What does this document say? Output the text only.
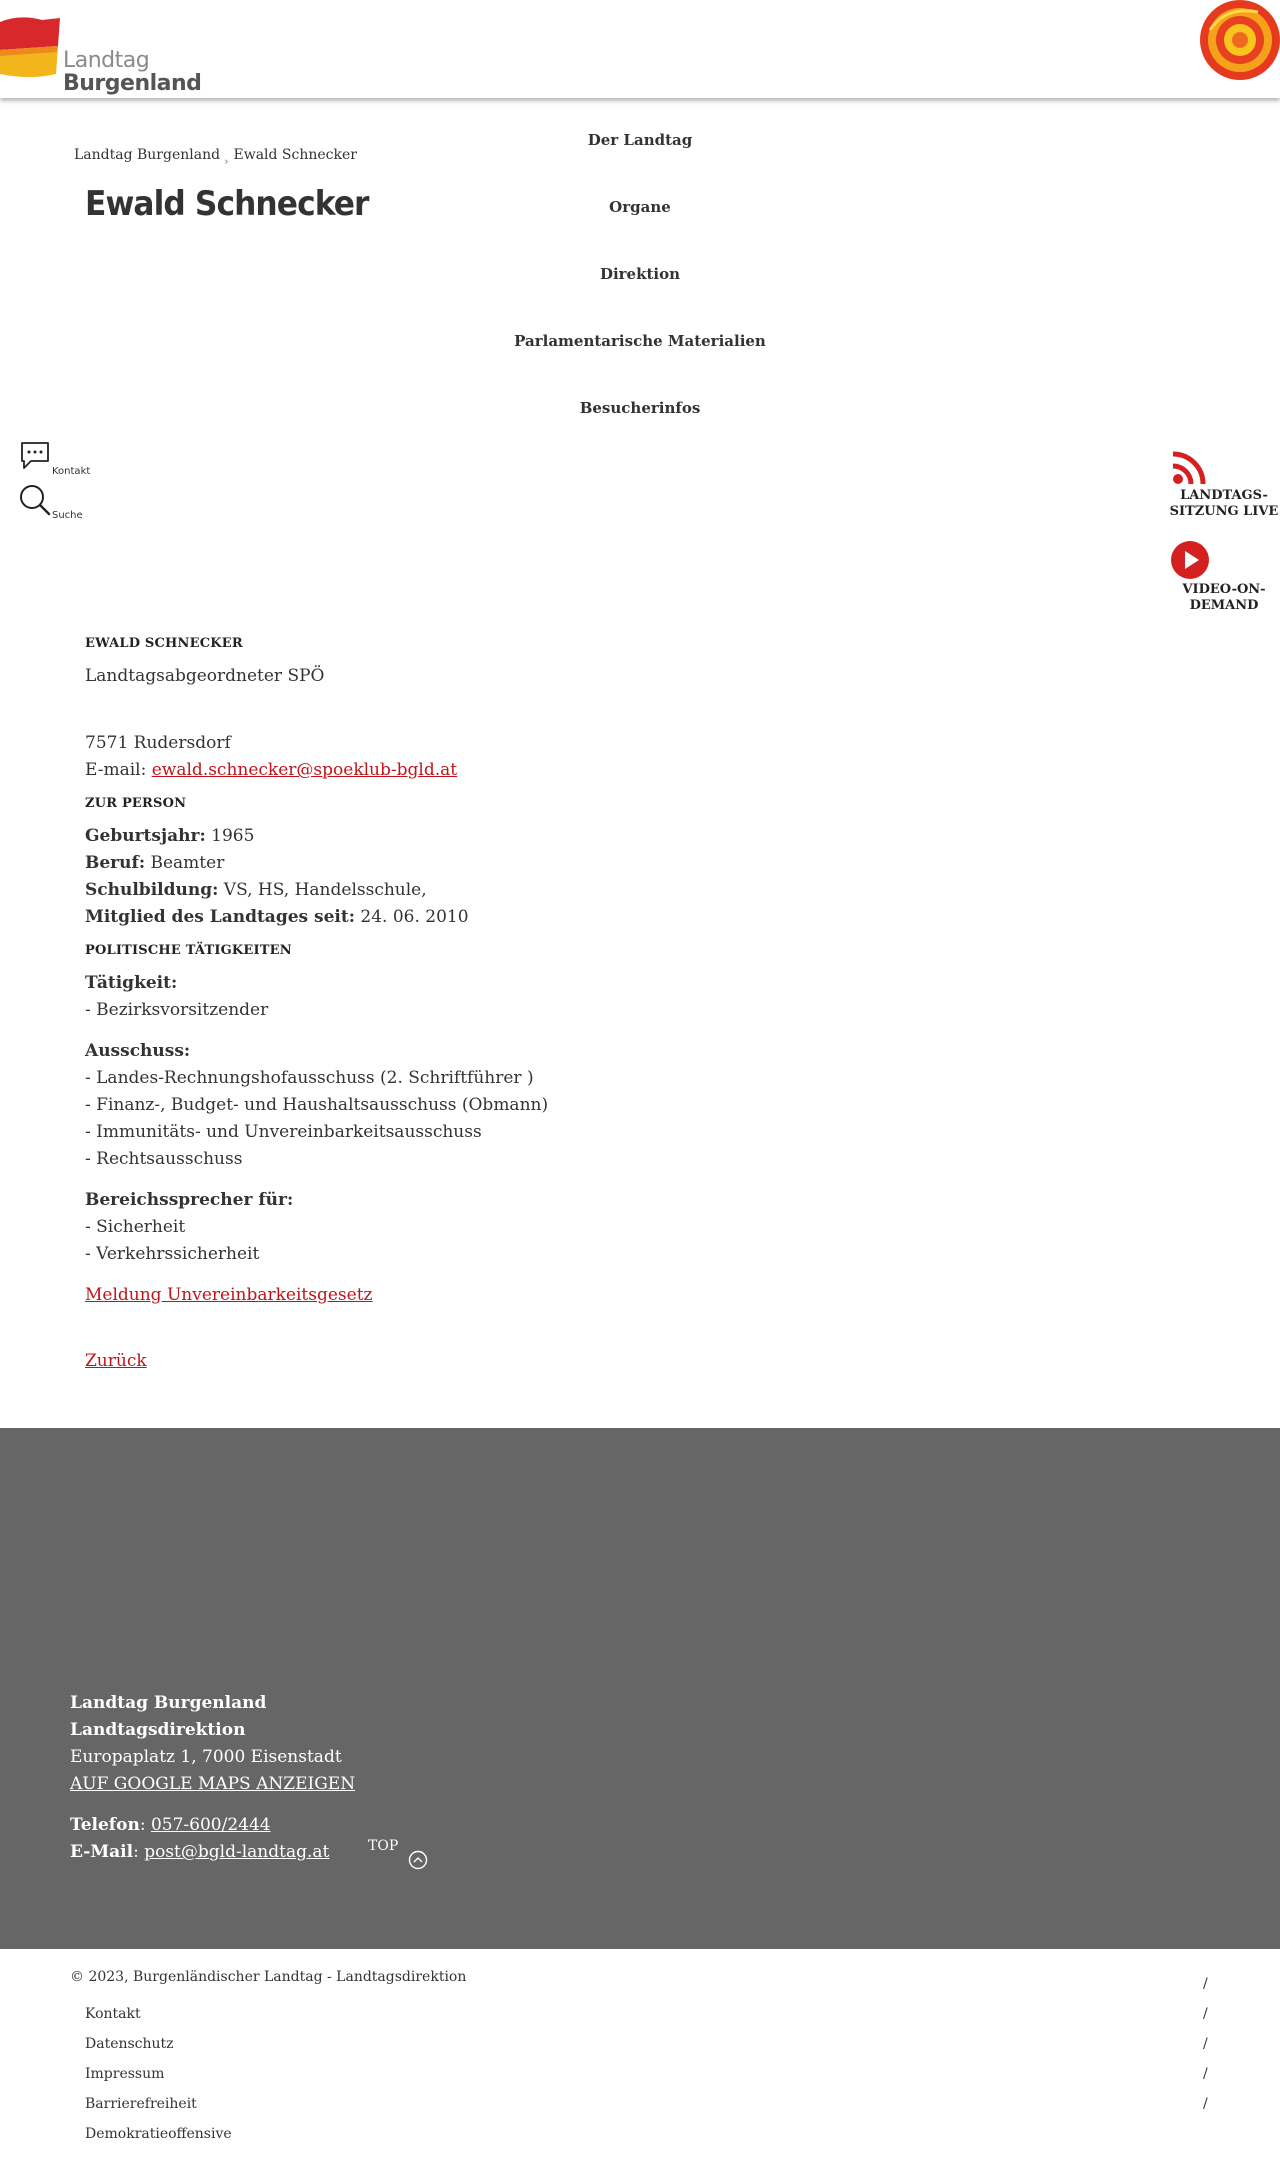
Landtag
Burgenland
Landtag Burgenland › Ewald Schnecker
Ewald Schnecker
Der Landtag
Organe
Direktion
Parlamentarische Materialien
Besucherinfos
Kontakt
Suche
LANDTAGS-
SITZUNG LIVE
VIDEO-ON-
DEMAND
EWALD SCHNECKER
Landtagsabgeordneter SPÖ
7571 Rudersdorf
E-mail: ewald.schnecker@spoeklub-bgld.at
ZUR PERSON
Geburtsjahr: 1965
Beruf: Beamter
Schulbildung: VS, HS, Handelsschule,
Mitglied des Landtages seit: 24. 06. 2010
POLITISCHE TÄTIGKEITEN
Tätigkeit:
- Bezirksvorsitzender
Ausschuss:
- Landes-Rechnungshofausschuss (2. Schriftführer )
- Finanz-, Budget- und Haushaltsausschuss (Obmann)
- Immunitäts- und Unvereinbarkeitsausschuss
- Rechtsausschuss
Bereichssprecher für:
- Sicherheit
- Verkehrssicherheit
Meldung Unvereinbarkeitsgesetz
Zurück
Landtag Burgenland
Landtagsdirektion
Europaplatz 1, 7000 Eisenstadt
AUF GOOGLE MAPS ANZEIGEN
Telefon: 057-600/2444
E-Mail: post@bgld-landtag.at	TOP
© 2023, Burgenländischer Landtag - Landtagsdirektion
Kontakt
Datenschutz
Impressum
Barrierefreiheit
Demokratieoffensive
/
/
/
/
/
